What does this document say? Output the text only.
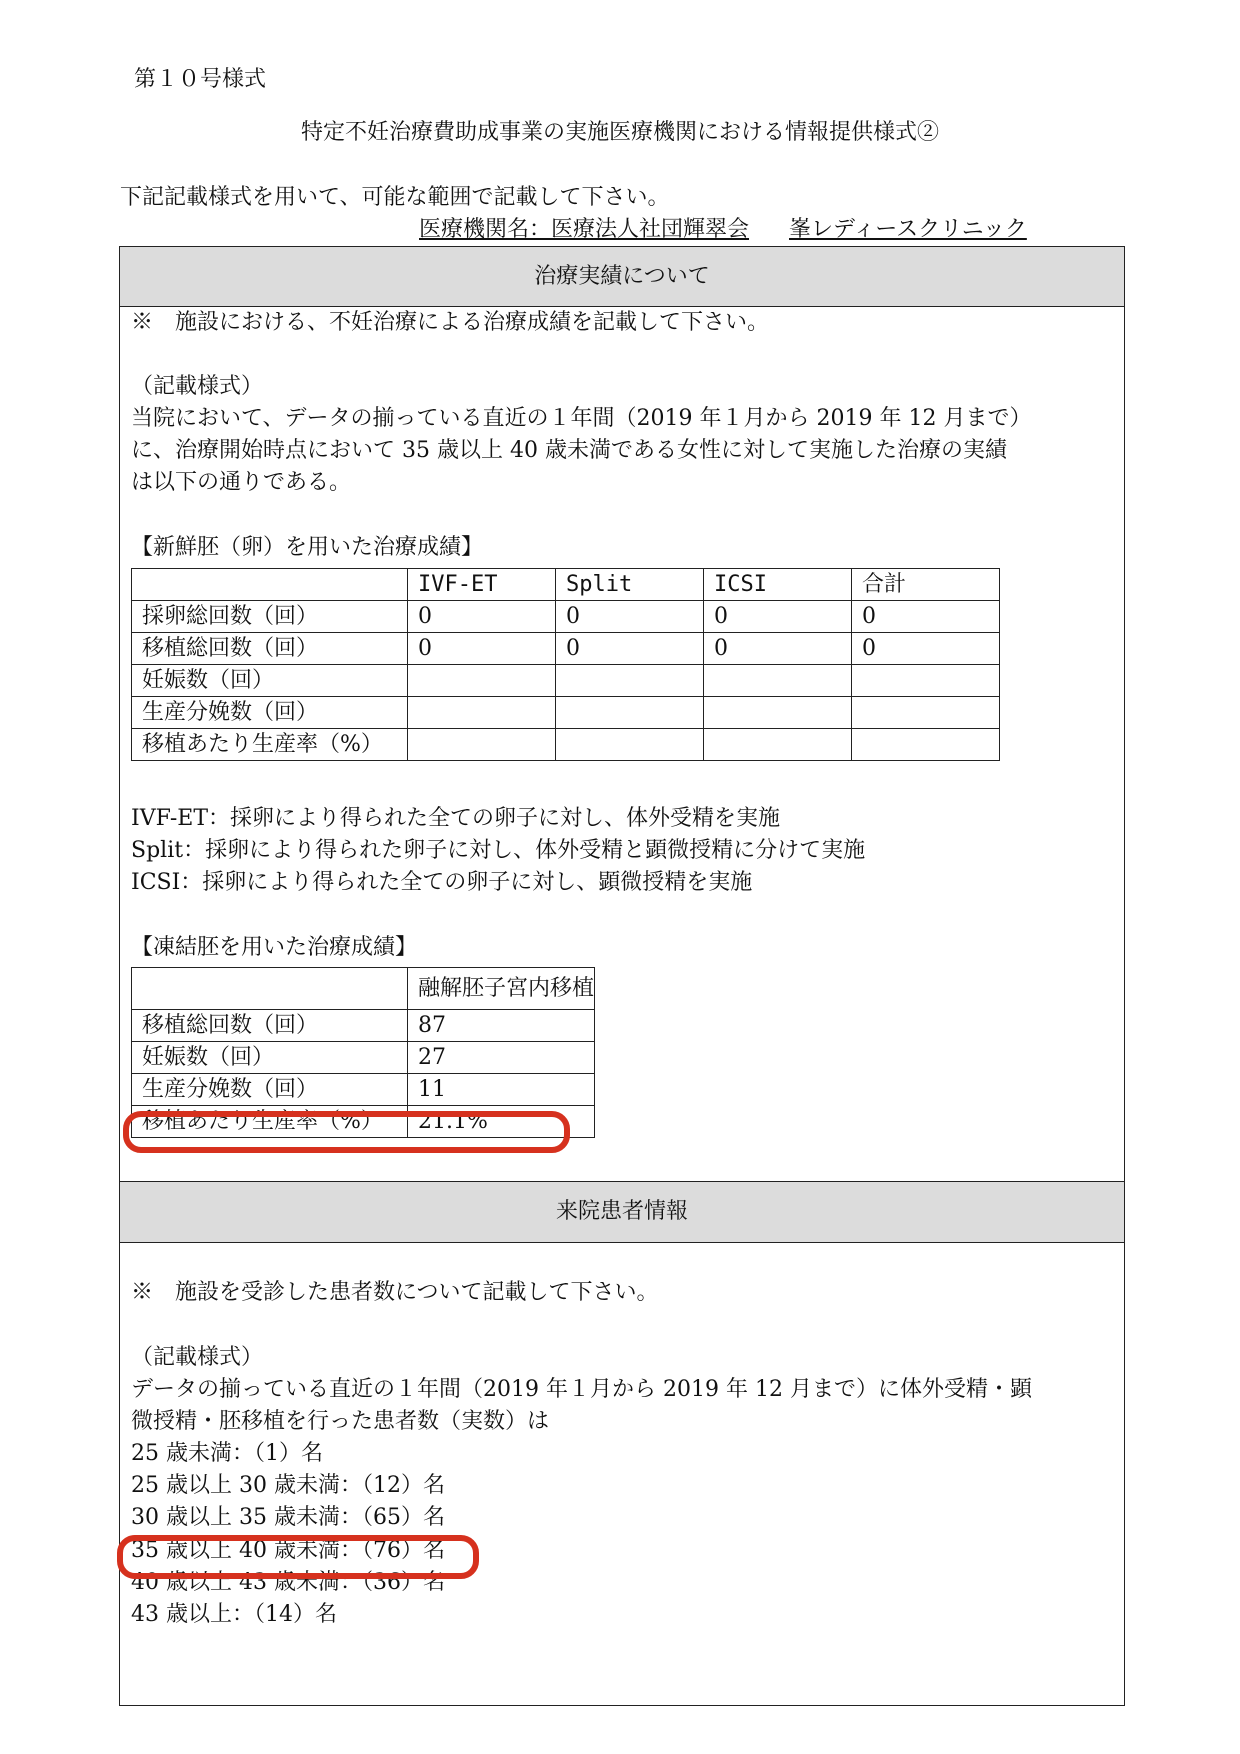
第１０号様式
特定不妊治療費助成事業の実施医療機関における情報提供様式②
下記記載様式を用いて、可能な範囲で記載して下さい。
医療機関名：医療法人社団輝翠会 峯レディースクリニック
治療実績について
※　施設における、不妊治療による治療成績を記載して下さい。
（記載様式）
当院において、データの揃っている直近の１年間（2019 年１月から 2019 年 12 月まで）
に、治療開始時点において 35 歳以上 40 歳未満である女性に対して実施した治療の実績
は以下の通りである。
【新鮮胚（卵）を用いた治療成績】
	IVF-ET	Split	ICSI	合計
採卵総回数（回）	0	0	0	0
移植総回数（回）	0	0	0	0
妊娠数（回）				
生産分娩数（回）				
移植あたり生産率（%）				
IVF-ET：採卵により得られた全ての卵子に対し、体外受精を実施
Split：採卵により得られた卵子に対し、体外受精と顕微授精に分けて実施
ICSI：採卵により得られた全ての卵子に対し、顕微授精を実施
【凍結胚を用いた治療成績】
	融解胚子宮内移植
移植総回数（回）	87
妊娠数（回）	27
生産分娩数（回）	11
移植あたり生産率（%）	21.1%
来院患者情報
※　施設を受診した患者数について記載して下さい。
（記載様式）
データの揃っている直近の１年間（2019 年１月から 2019 年 12 月まで）に体外受精・顕
微授精・胚移植を行った患者数（実数）は
25 歳未満：（1）名
25 歳以上 30 歳未満：（12）名
30 歳以上 35 歳未満：（65）名
35 歳以上 40 歳未満：（76）名
40 歳以上 43 歳未満：（36）名
43 歳以上：（14）名
